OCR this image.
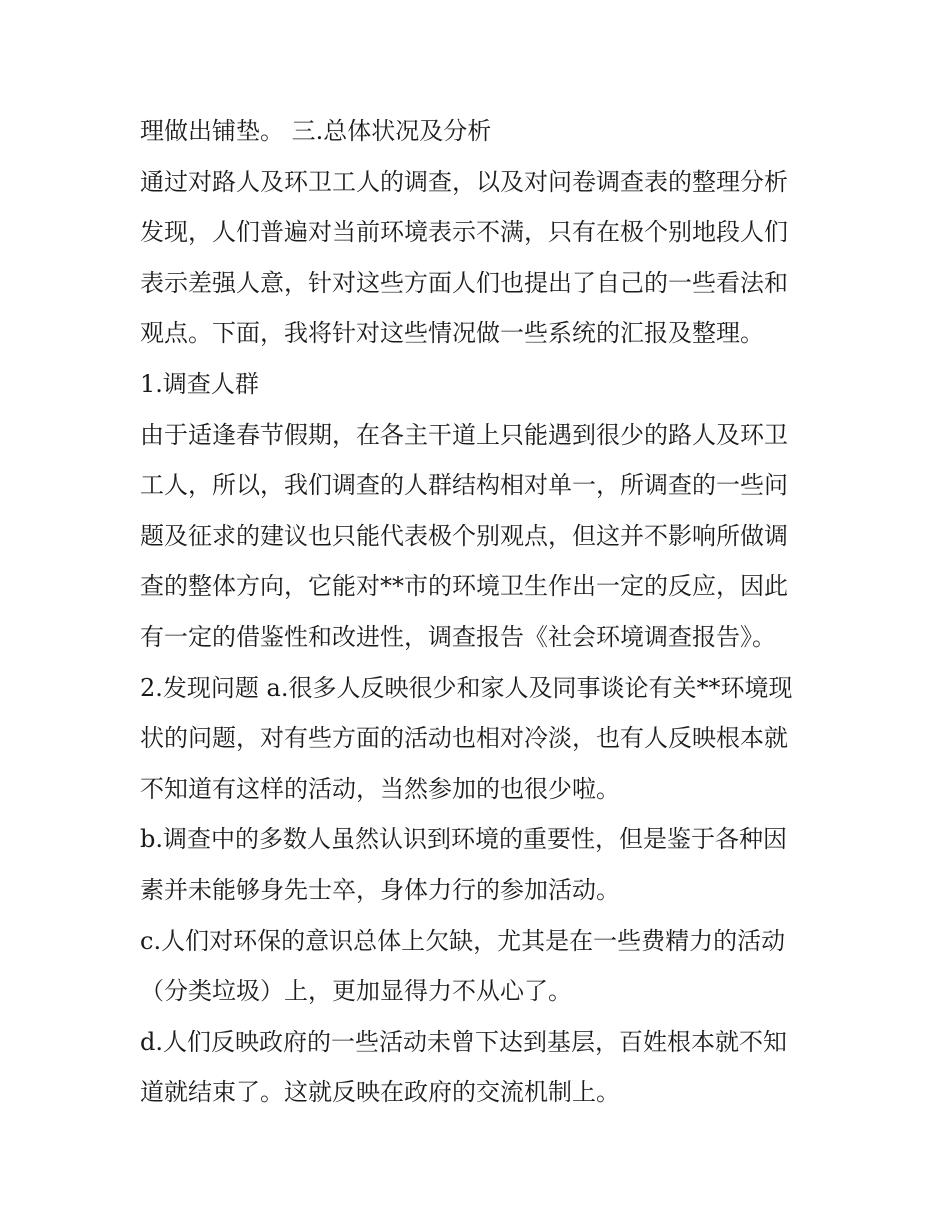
理做出铺垫。 三.总体状况及分析

通过对路人及环卫工人的调查，以及对问卷调查表的整理分析

发现，人们普遍对当前环境表示不满，只有在极个别地段人们

表示差强人意，针对这些方面人们也提出了自己的一些看法和

观点。下面，我将针对这些情况做一些系统的汇报及整理。

1.调查人群

由于适逢春节假期，在各主干道上只能遇到很少的路人及环卫

工人，所以，我们调查的人群结构相对单一，所调查的一些问

题及征求的建议也只能代表极个别观点，但这并不影响所做调

查的整体方向，它能对**市的环境卫生作出一定的反应，因此

有一定的借鉴性和改进性，调查报告《社会环境调查报告》。

2.发现问题 a.很多人反映很少和家人及同事谈论有关**环境现

状的问题，对有些方面的活动也相对冷淡，也有人反映根本就

不知道有这样的活动，当然参加的也很少啦。

b.调查中的多数人虽然认识到环境的重要性，但是鉴于各种因

素并未能够身先士卒，身体力行的参加活动。

c.人们对环保的意识总体上欠缺，尤其是在一些费精力的活动

（分类垃圾）上，更加显得力不从心了。

d.人们反映政府的一些活动未曾下达到基层，百姓根本就不知

道就结束了。这就反映在政府的交流机制上。
